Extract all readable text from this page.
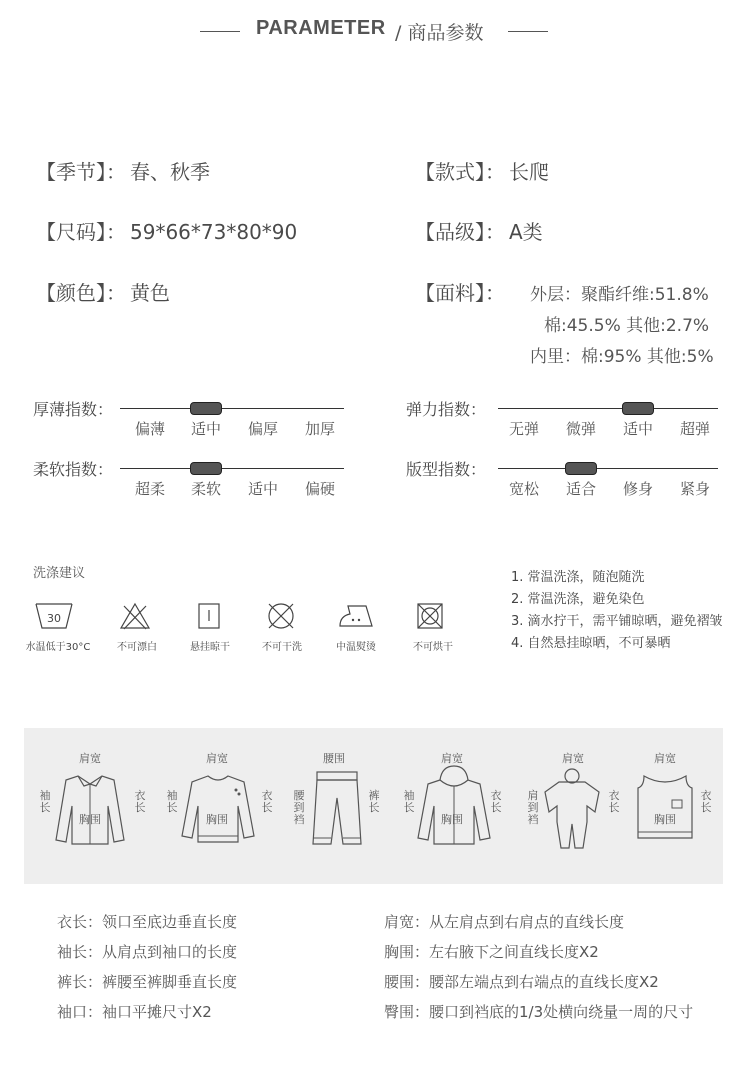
PARAMETER / 商品参数
【季节】： 春、秋季	【款式】： 长爬
【尺码】： 59*66*73*80*90	【品级】： A类
【颜色】： 黄色	【面料】： 外层：聚酯纤维:51.8%
棉:45.5% 其他:2.7%
内里：棉:95% 其他:5%
厚薄指数：
偏薄 适中 偏厚 加厚
弹力指数：
无弹 微弹 适中 超弹
柔软指数：
超柔 柔软 适中 偏硬
版型指数：
宽松 适合 修身 紧身
洗涤建议
30
水温低于30°C	不可漂白	悬挂晾干	不可干洗	中温熨烫	不可烘干
1. 常温洗涤，随泡随洗
2. 常温洗涤，避免染色
3. 滴水拧干，需平铺晾晒，避免褶皱
4. 自然悬挂晾晒，不可暴晒
肩宽
袖长
衣长
胸围
肩宽
袖长
衣长
胸围
腰围
腰到裆
裤长
肩宽
袖长
衣长
胸围
肩宽
肩到裆
衣长
肩宽
衣长
胸围
衣长：领口至底边垂直长度	肩宽：从左肩点到右肩点的直线长度
袖长：从肩点到袖口的长度	胸围：左右腋下之间直线长度X2
裤长：裤腰至裤脚垂直长度	腰围：腰部左端点到右端点的直线长度X2
袖口：袖口平摊尺寸X2	臀围：腰口到裆底的1/3处横向绕量一周的尺寸
